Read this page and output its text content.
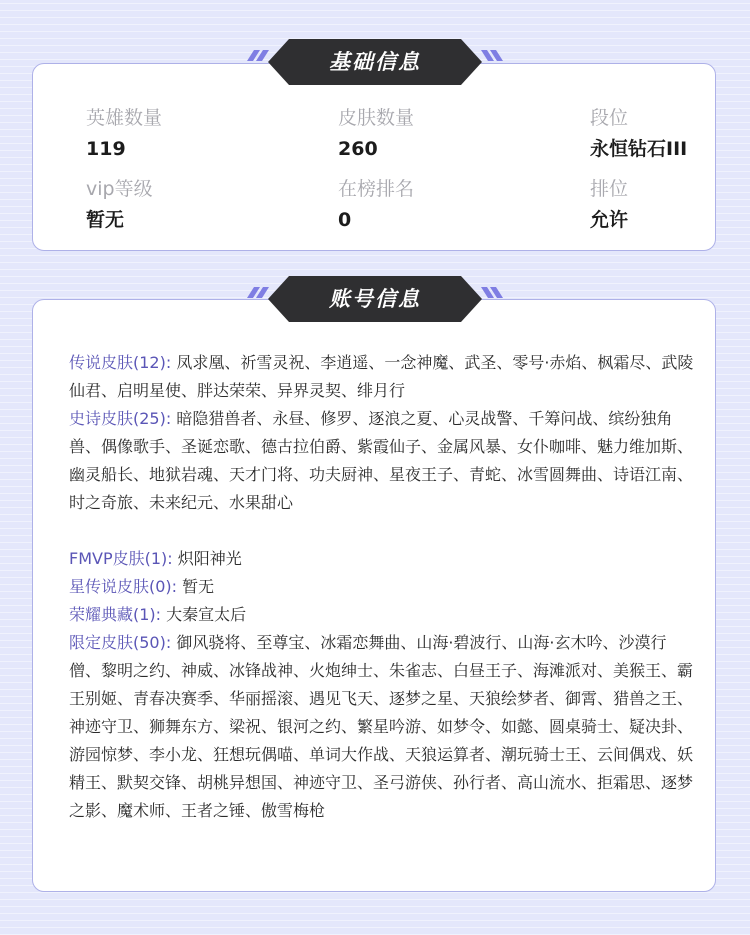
英雄数量
119
皮肤数量
260
段位
永恒钻石III
vip等级
暂无
在榜排名
0
排位
允许
基础信息

传说皮肤(12): 凤求凰、祈雪灵祝、李逍遥、一念神魔、武圣、零号·赤焰、枫霜尽、武陵仙君、启明星使、胖达荣荣、异界灵契、绯月行

史诗皮肤(25): 暗隐猎兽者、永昼、修罗、逐浪之夏、心灵战警、千筹问战、缤纷独角兽、偶像歌手、圣诞恋歌、德古拉伯爵、紫霞仙子、金属风暴、女仆咖啡、魅力维加斯、幽灵船长、地狱岩魂、天才门将、功夫厨神、星夜王子、青蛇、冰雪圆舞曲、诗语江南、时之奇旅、未来纪元、水果甜心

FMVP皮肤(1): 炽阳神光

星传说皮肤(0): 暂无

荣耀典藏(1): 大秦宣太后

限定皮肤(50): 御风骁将、至尊宝、冰霜恋舞曲、山海·碧波行、山海·玄木吟、沙漠行僧、黎明之约、神威、冰锋战神、火炮绅士、朱雀志、白昼王子、海滩派对、美猴王、霸王别姬、青春决赛季、华丽摇滚、遇见飞天、逐梦之星、天狼绘梦者、御霄、猎兽之王、神迹守卫、狮舞东方、梁祝、银河之约、繁星吟游、如梦令、如懿、圆桌骑士、疑决卦、游园惊梦、李小龙、狂想玩偶喵、单词大作战、天狼运算者、潮玩骑士王、云间偶戏、妖精王、默契交锋、胡桃异想国、神迹守卫、圣弓游侠、孙行者、高山流水、拒霜思、逐梦之影、魔术师、王者之锤、傲雪梅枪

账号信息
